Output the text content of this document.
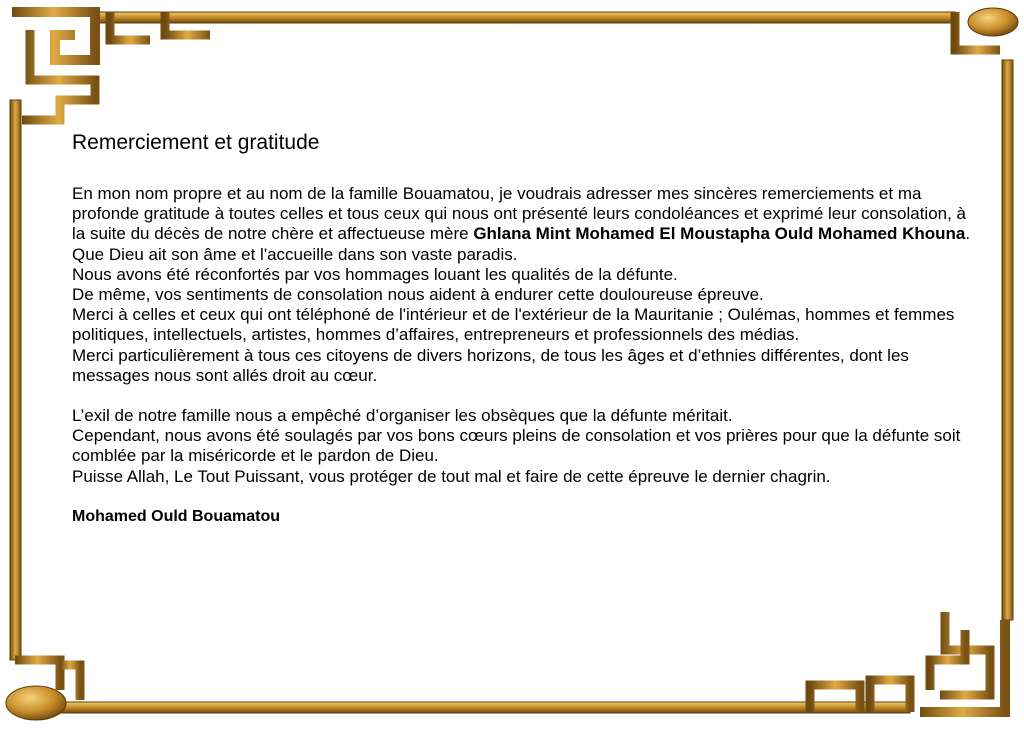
Remerciement et gratitude

En mon nom propre et au nom de la famille Bouamatou, je voudrais adresser mes sincères remerciements et ma profonde gratitude à toutes celles et tous ceux qui nous ont présenté leurs condoléances et exprimé leur consolation, à la suite du décès de notre chère et affectueuse mère Ghlana Mint Mohamed El Moustapha Ould Mohamed Khouna.

Que Dieu ait son âme et l'accueille dans son vaste paradis.

Nous avons été réconfortés par vos hommages louant les qualités de la défunte.

De même, vos sentiments de consolation nous aident à endurer cette douloureuse épreuve.

Merci à celles et ceux qui ont téléphoné de l'intérieur et de l'extérieur de la Mauritanie ; Oulémas, hommes et femmes politiques, intellectuels, artistes, hommes d’affaires, entrepreneurs et professionnels des médias.

Merci particulièrement à tous ces citoyens de divers horizons, de tous les âges et d’ethnies différentes, dont les messages nous sont allés droit au cœur.

L’exil de notre famille nous a empêché d’organiser les obsèques que la défunte méritait.

Cependant, nous avons été soulagés par vos bons cœurs pleins de consolation et vos prières pour que la défunte soit comblée par la miséricorde et le pardon de Dieu.

Puisse Allah, Le Tout Puissant, vous protéger de tout mal et faire de cette épreuve le dernier chagrin.

Mohamed Ould Bouamatou
